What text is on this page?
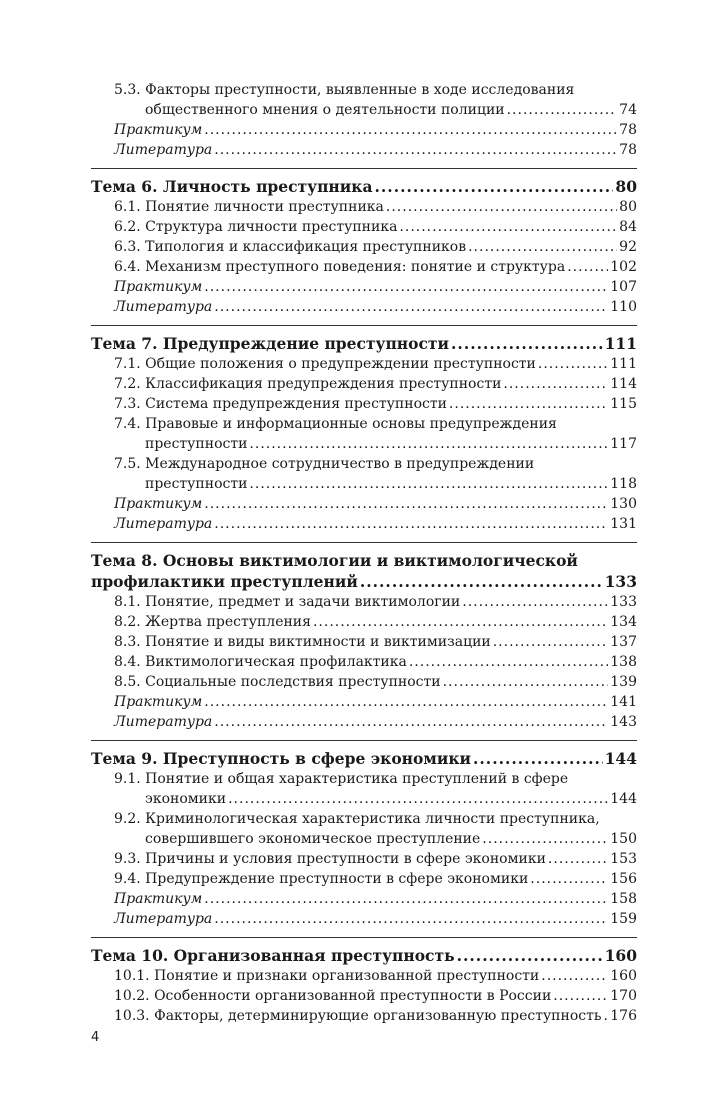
5.3. Факторы преступности, выявленные в ходе исследования
общественного мнения о деятельности полиции .....	74
Практикум .....	78
Литература .....	78
Тема 6. Личность преступника .....	80
6.1. Понятие личности преступника .....	80
6.2. Структура личности преступника .....	84
6.3. Типология и классификация преступников .....	92
6.4. Механизм преступного поведения: понятие и структура .....	102
Практикум .....	107
Литература .....	110
Тема 7. Предупреждение преступности .....	111
7.1. Общие положения о предупреждении преступности .....	111
7.2. Классификация предупреждения преступности .....	114
7.3. Система предупреждения преступности .....	115
7.4. Правовые и информационные основы предупреждения
преступности .....	117
7.5. Международное сотрудничество в предупреждении
преступности .....	118
Практикум .....	130
Литература .....	131
Тема 8. Основы виктимологии и виктимологической
профилактики преступлений .....	133
8.1. Понятие, предмет и задачи виктимологии .....	133
8.2. Жертва преступления .....	134
8.3. Понятие и виды виктимности и виктимизации .....	137
8.4. Виктимологическая профилактика .....	138
8.5. Социальные последствия преступности .....	139
Практикум .....	141
Литература .....	143
Тема 9. Преступность в сфере экономики .....	144
9.1. Понятие и общая характеристика преступлений в сфере
экономики .....	144
9.2. Криминологическая характеристика личности преступника,
совершившего экономическое преступление .....	150
9.3. Причины и условия преступности в сфере экономики .....	153
9.4. Предупреждение преступности в сфере экономики .....	156
Практикум .....	158
Литература .....	159
Тема 10. Организованная преступность .....	160
10.1. Понятие и признаки организованной преступности .....	160
10.2. Особенности организованной преступности в России .....	170
10.3. Факторы, детерминирующие организованную преступность ..... 176
4
